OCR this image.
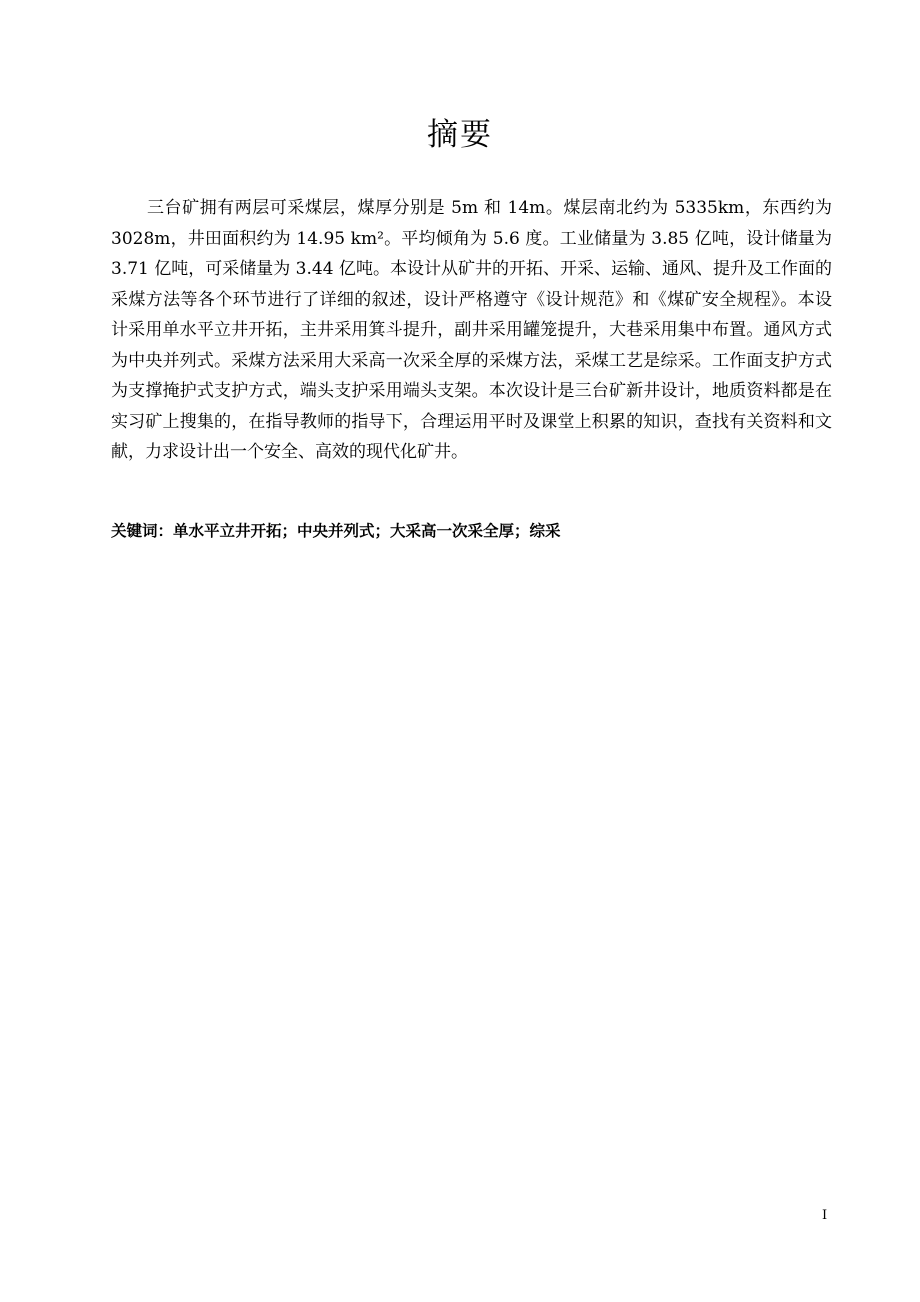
摘要

三台矿拥有两层可采煤层，煤厚分别是 5m 和 14m。煤层南北约为 5335km，东西约为 3028m，井田面积约为 14.95 km²。平均倾角为 5.6 度。工业储量为 3.85 亿吨，设计储量为 3.71 亿吨，可采储量为 3.44 亿吨。本设计从矿井的开拓、开采、运输、通风、提升及工作面的采煤方法等各个环节进行了详细的叙述，设计严格遵守《设计规范》和《煤矿安全规程》。本设计采用单水平立井开拓，主井采用箕斗提升，副井采用罐笼提升，大巷采用集中布置。通风方式为中央并列式。采煤方法采用大采高一次采全厚的采煤方法，采煤工艺是综采。工作面支护方式为支撑掩护式支护方式，端头支护采用端头支架。本次设计是三台矿新井设计，地质资料都是在实习矿上搜集的，在指导教师的指导下，合理运用平时及课堂上积累的知识，查找有关资料和文献，力求设计出一个安全、高效的现代化矿井。

关键词：单水平立井开拓；中央并列式；大采高一次采全厚；综采

I
